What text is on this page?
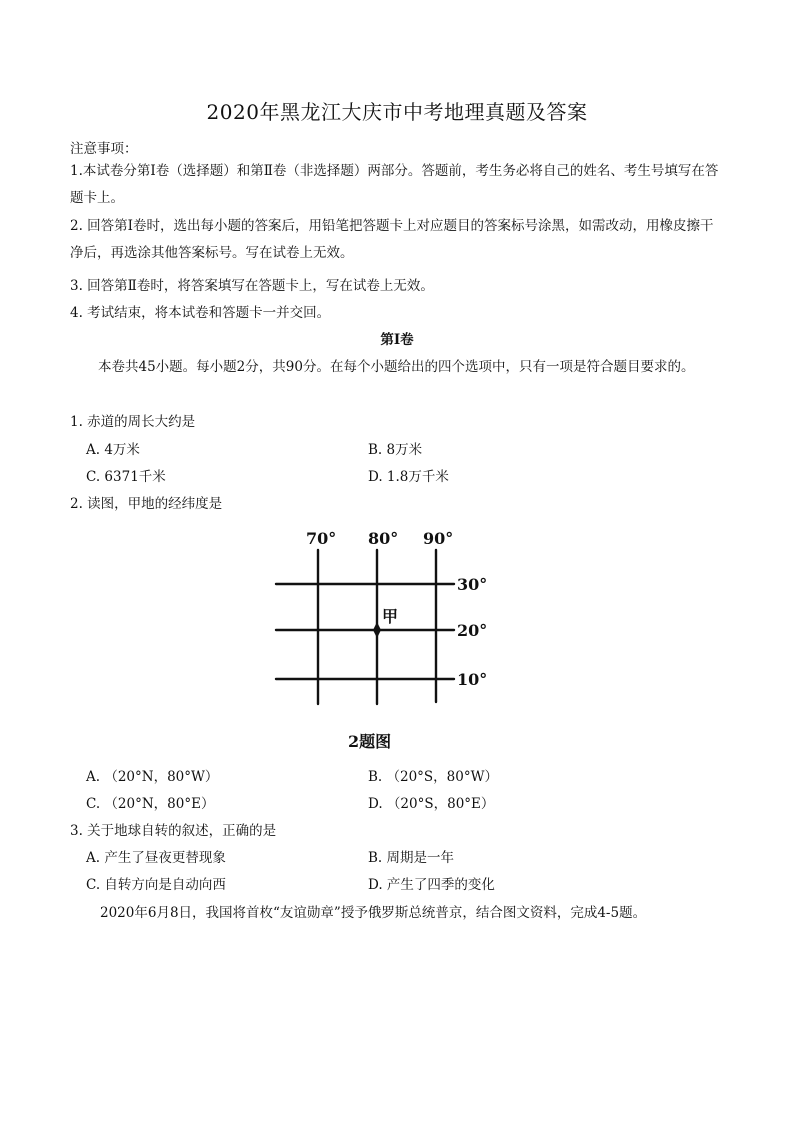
2020年黑龙江大庆市中考地理真题及答案
注意事项：
1.本试卷分第Ⅰ卷（选择题）和第Ⅱ卷（非选择题）两部分。答题前，考生务必将自己的姓名、考生号填写在答题卡上。
2. 回答第Ⅰ卷时，选出每小题的答案后，用铅笔把答题卡上对应题目的答案标号涂黑，如需改动，用橡皮擦干净后，再选涂其他答案标号。写在试卷上无效。
3. 回答第Ⅱ卷时，将答案填写在答题卡上，写在试卷上无效。
4. 考试结束，将本试卷和答题卡一并交回。
第Ⅰ卷
本卷共45小题。每小题2分，共90分。在每个小题给出的四个选项中，只有一项是符合题目要求的。
1. 赤道的周长大约是
A. 4万米	B. 8万米
C. 6371千米	D. 1.8万千米
2. 读图，甲地的经纬度是
70° 80° 90°
30°
20°
10°
甲
2题图
A. （20°N，80°W）	B. （20°S，80°W）
C. （20°N，80°E）	D. （20°S，80°E）
3. 关于地球自转的叙述，正确的是
A. 产生了昼夜更替现象	B. 周期是一年
C. 自转方向是自动向西	D. 产生了四季的变化
2020年6月8日，我国将首枚“友谊勋章”授予俄罗斯总统普京，结合图文资料，完成4-5题。
